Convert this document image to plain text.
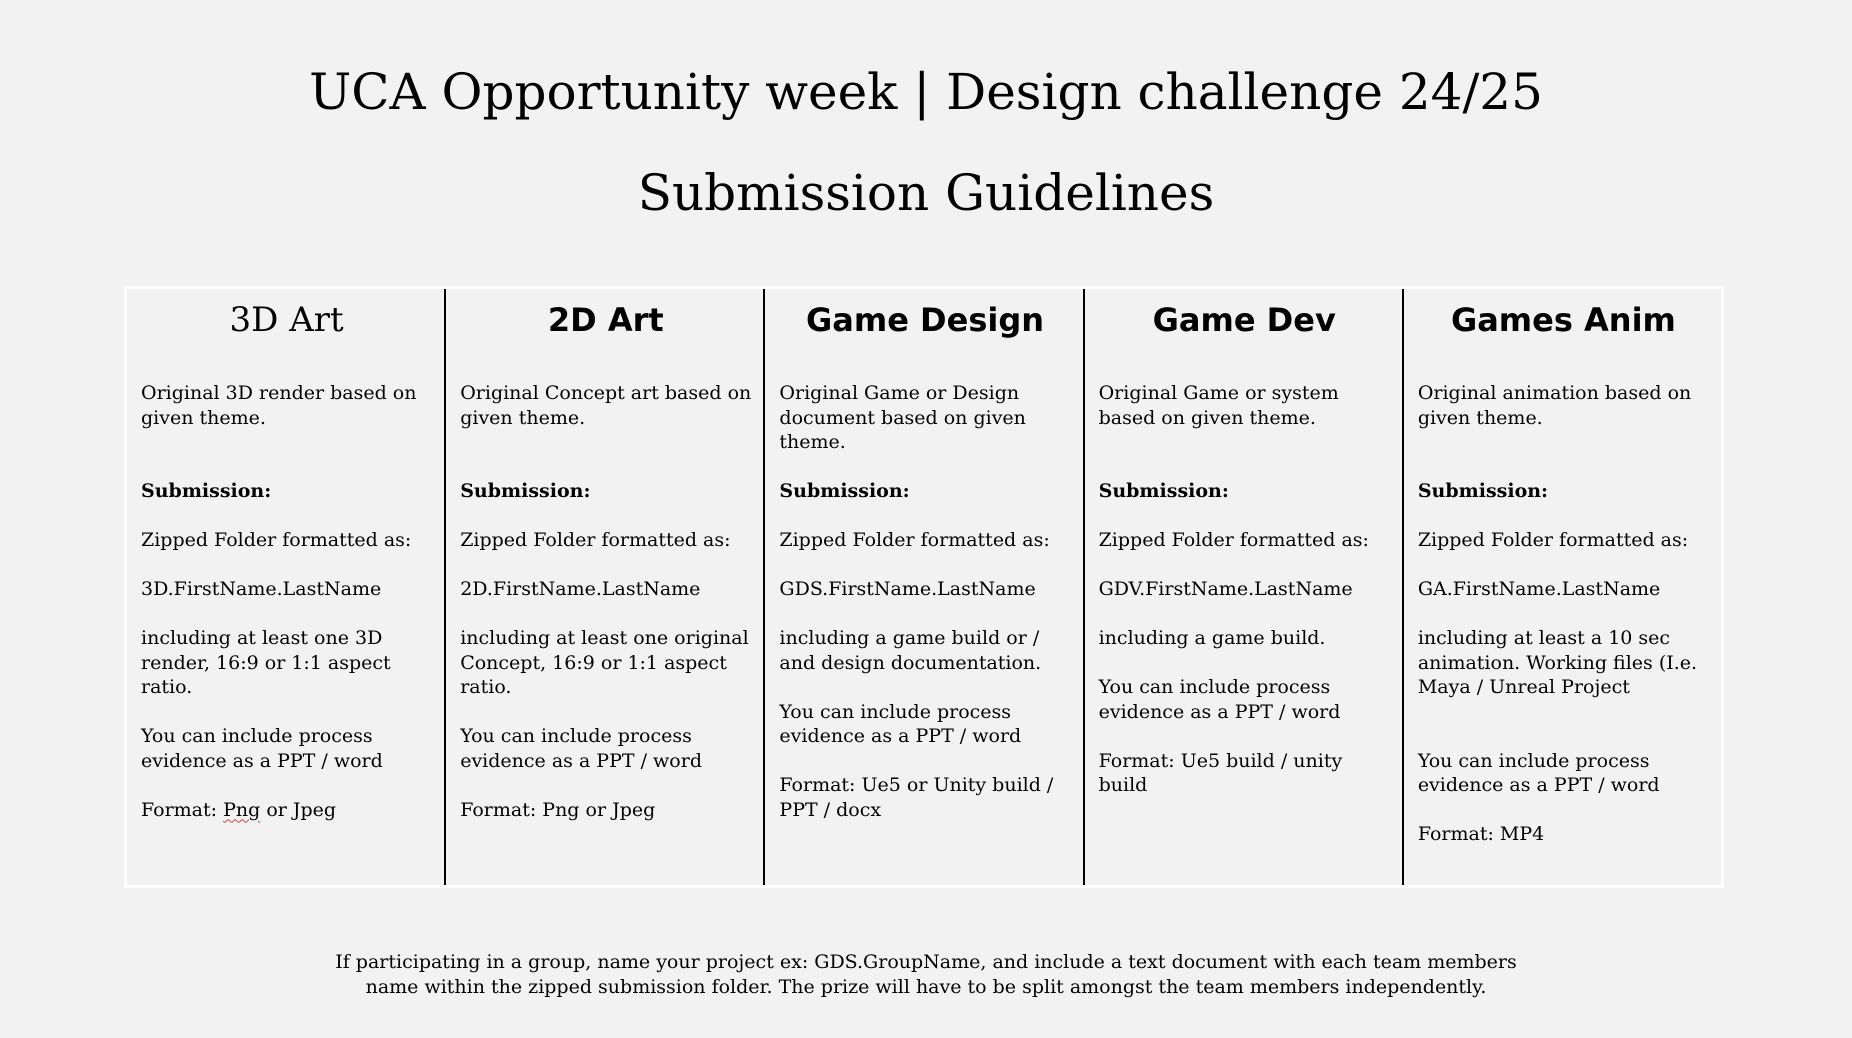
UCA Opportunity week | Design challenge 24/25
Submission Guidelines
3D Art

Original 3D render based on given theme.

Submission:

Zipped Folder formatted as:

3D.FirstName.LastName

including at least one 3D render, 16:9 or 1:1 aspect ratio.

You can include process evidence as a PPT / word

Format: Png or Jpeg

2D Art

Original Concept art based on given theme.

Submission:

Zipped Folder formatted as:

2D.FirstName.LastName

including at least one original Concept, 16:9 or 1:1 aspect ratio.

You can include process evidence as a PPT / word

Format: Png or Jpeg

Game Design

Original Game or Design document based on given theme.

Submission:

Zipped Folder formatted as:

GDS.FirstName.LastName

including a game build or / and design documentation.

You can include process evidence as a PPT / word

Format: Ue5 or Unity build / PPT / docx

Game Dev

Original Game or system based on given theme.

Submission:

Zipped Folder formatted as:

GDV.FirstName.LastName

including a game build.

You can include process evidence as a PPT / word

Format: Ue5 build / unity build

Games Anim

Original animation based on given theme.

Submission:

Zipped Folder formatted as:

GA.FirstName.LastName

including at least a 10 sec animation. Working files (I.e. Maya / Unreal Project

You can include process evidence as a PPT / word

Format: MP4

If participating in a group, name your project ex: GDS.GroupName, and include a text document with each team members
name within the zipped submission folder. The prize will have to be split amongst the team members independently.
